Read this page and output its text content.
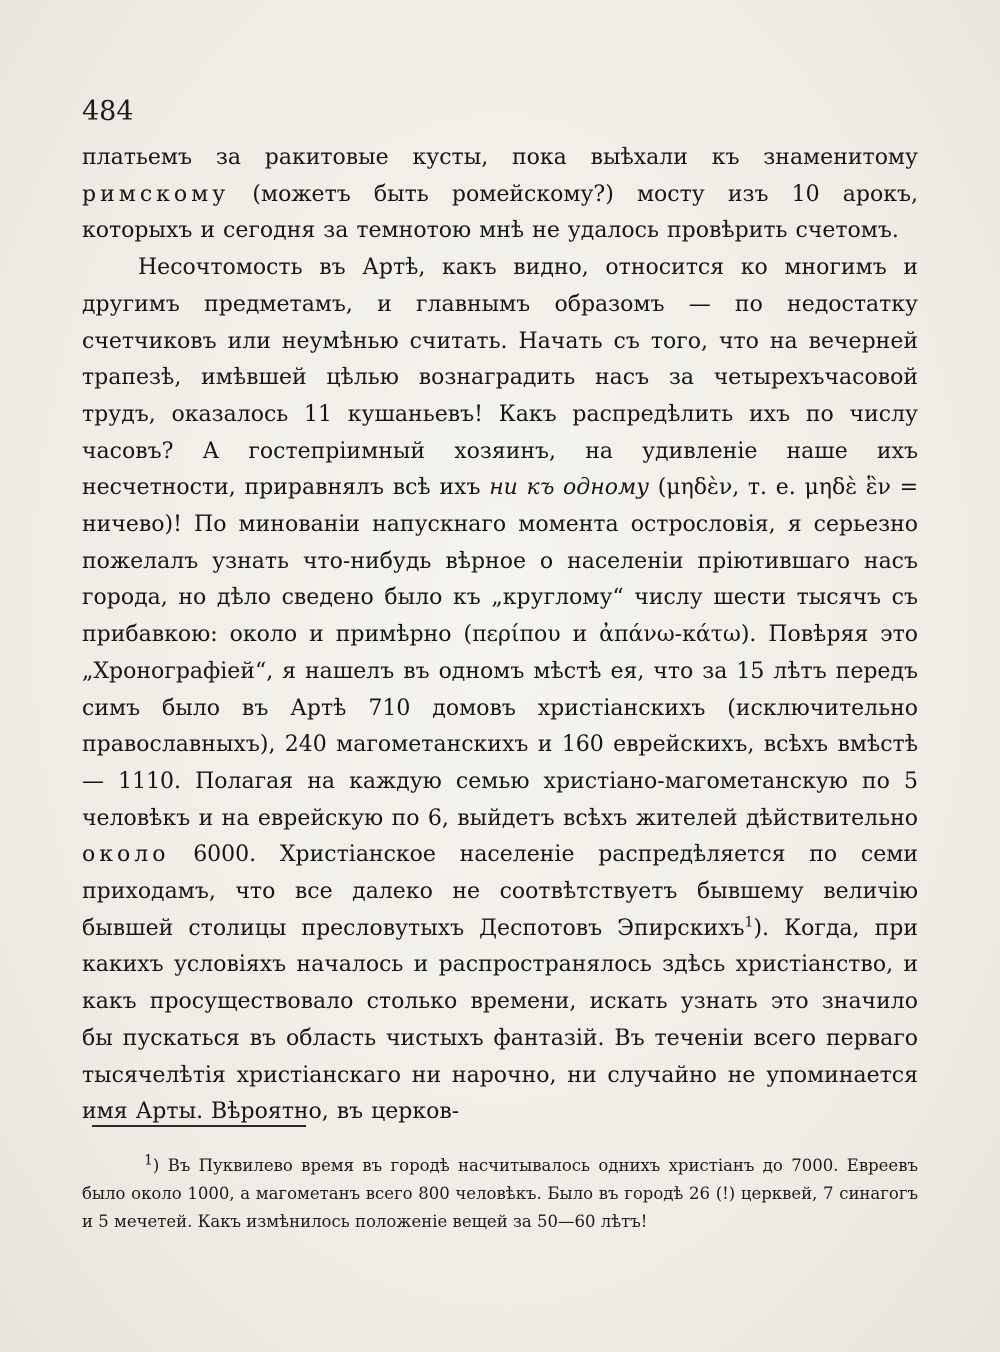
484

платьемъ за ракитовые кусты, пока выѣхали къ знаменитому римскому (можетъ быть ромейскому?) мосту изъ 10 арокъ, которыхъ и сегодня за темнотою мнѣ не удалось провѣрить счетомъ.

Несочтомость въ Артѣ, какъ видно, относится ко многимъ и другимъ предметамъ, и главнымъ образомъ — по недостатку счетчиковъ или неумѣнью считать. Начать съ того, что на вечерней трапезѣ, имѣвшей цѣлью вознаградить насъ за четырехъчасовой трудъ, оказалось 11 кушаньевъ! Какъ распредѣлить ихъ по числу часовъ? А гостепріимный хозяинъ, на удивленіе наше ихъ несчетности, приравнялъ всѣ ихъ ни къ одному (μηδὲν, т. е. μηδὲ ἓν = ничево)! По минованіи напускнаго момента острословія, я серьезно пожелалъ узнать что-нибудь вѣрное о населеніи пріютившаго насъ города, но дѣло сведено было къ „круглому“ числу шести тысячъ съ прибавкою: около и примѣрно (περίπου и ἀπάνω-κάτω). Повѣряя это „Хронографіей“, я нашелъ въ одномъ мѣстѣ ея, что за 15 лѣтъ передъ симъ было въ Артѣ 710 домовъ христіанскихъ (исключительно православныхъ), 240 магометанскихъ и 160 еврейскихъ, всѣхъ вмѣстѣ — 1110. Полагая на каждую семью христіано-магометанскую по 5 человѣкъ и на еврейскую по 6, выйдетъ всѣхъ жителей дѣйствительно около 6000. Христіанское населеніе распредѣляется по семи приходамъ, что все далеко не соотвѣтствуетъ бывшему величію бывшей столицы пресловутыхъ Деспотовъ Эпирскихъ$^1$). Когда, при какихъ условіяхъ началось и распространялось здѣсь христіанство, и какъ просуществовало столько времени, искать узнать это значило бы пускаться въ область чистыхъ фантазій. Въ теченіи всего перваго тысячелѣтія христіанскаго ни нарочно, ни случайно не упоминается имя Арты. Вѣроятно, въ церков-

$^1$) Въ Пуквилево время въ городѣ насчитывалось однихъ христіанъ до 7000. Евреевъ было около 1000, а магометанъ всего 800 человѣкъ. Было въ городѣ 26 (!) церквей, 7 синагогъ и 5 мечетей. Какъ измѣнилось положеніе вещей за 50—60 лѣтъ!
